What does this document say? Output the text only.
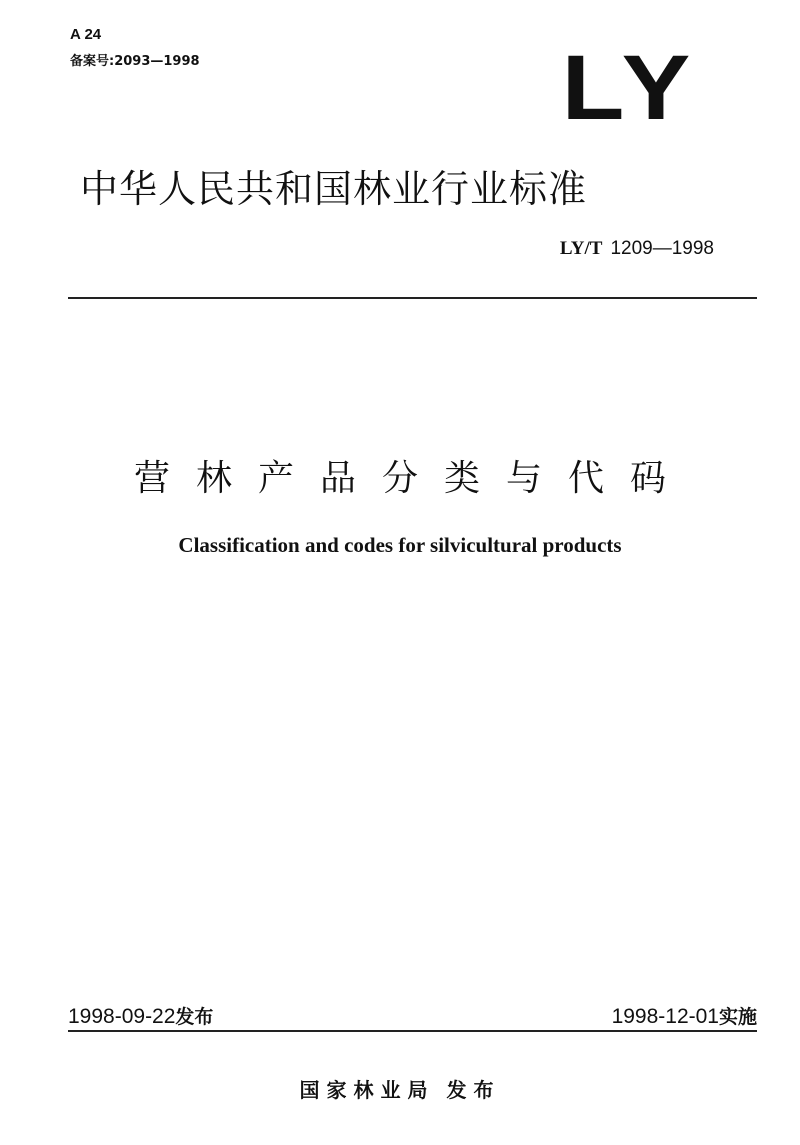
A 24
备案号:2093—1998	LY
中华人民共和国林业行业标准
LY/T 1209—1998
营林产品分类与代码
Classification and codes for silvicultural products
1998-09-22发布	1998-12-01实施
国家林业局 发布
